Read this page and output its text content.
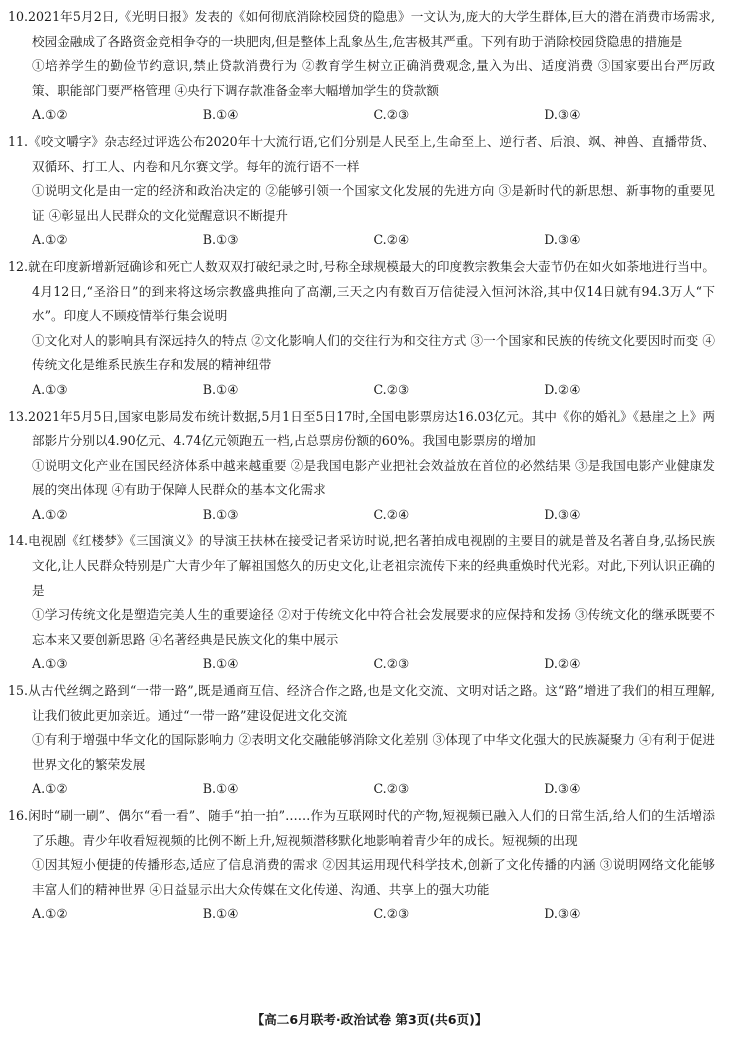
10.2021年5月2日,《光明日报》发表的《如何彻底消除校园贷的隐患》一文认为,庞大的大学生群体,巨大的潜在消费市场需求,校园金融成了各路资金竞相争夺的一块肥肉,但是整体上乱象丛生,危害极其严重。下列有助于消除校园贷隐患的措施是
①培养学生的勤俭节约意识,禁止贷款消费行为 ②教育学生树立正确消费观念,量入为出、适度消费 ③国家要出台严厉政策、职能部门要严格管理 ④央行下调存款准备金率大幅增加学生的贷款额
A.①②	B.①④	C.②③	D.③④
11.《咬文嚼字》杂志经过评选公布2020年十大流行语,它们分别是人民至上,生命至上、逆行者、后浪、飒、神兽、直播带货、双循环、打工人、内卷和凡尔赛文学。每年的流行语不一样
①说明文化是由一定的经济和政治决定的 ②能够引领一个国家文化发展的先进方向 ③是新时代的新思想、新事物的重要见证 ④彰显出人民群众的文化觉醒意识不断提升
A.①②	B.①③	C.②④	D.③④
12.就在印度新增新冠确诊和死亡人数双双打破纪录之时,号称全球规模最大的印度教宗教集会大壶节仍在如火如荼地进行当中。4月12日,“圣浴日”的到来将这场宗教盛典推向了高潮,三天之内有数百万信徒浸入恒河沐浴,其中仅14日就有94.3万人“下水”。印度人不顾疫情举行集会说明
①文化对人的影响具有深远持久的特点 ②文化影响人们的交往行为和交往方式 ③一个国家和民族的传统文化要因时而变 ④传统文化是维系民族生存和发展的精神纽带
A.①③	B.①④	C.②③	D.②④
13.2021年5月5日,国家电影局发布统计数据,5月1日至5日17时,全国电影票房达16.03亿元。其中《你的婚礼》《悬崖之上》两部影片分别以4.90亿元、4.74亿元领跑五一档,占总票房份额的60%。我国电影票房的增加
①说明文化产业在国民经济体系中越来越重要 ②是我国电影产业把社会效益放在首位的必然结果 ③是我国电影产业健康发展的突出体现 ④有助于保障人民群众的基本文化需求
A.①②	B.①③	C.②④	D.③④
14.电视剧《红楼梦》《三国演义》的导演王扶林在接受记者采访时说,把名著拍成电视剧的主要目的就是普及名著自身,弘扬民族文化,让人民群众特别是广大青少年了解祖国悠久的历史文化,让老祖宗流传下来的经典重焕时代光彩。对此,下列认识正确的是
①学习传统文化是塑造完美人生的重要途径 ②对于传统文化中符合社会发展要求的应保持和发扬 ③传统文化的继承既要不忘本来又要创新思路 ④名著经典是民族文化的集中展示
A.①③	B.①④	C.②③	D.②④
15.从古代丝绸之路到“一带一路”,既是通商互信、经济合作之路,也是文化交流、文明对话之路。这“路”增进了我们的相互理解,让我们彼此更加亲近。通过“一带一路”建设促进文化交流
①有利于增强中华文化的国际影响力 ②表明文化交融能够消除文化差别 ③体现了中华文化强大的民族凝聚力 ④有利于促进世界文化的繁荣发展
A.①②	B.①④	C.②③	D.③④
16.闲时“刷一刷”、偶尔“看一看”、随手“拍一拍”……作为互联网时代的产物,短视频已融入人们的日常生活,给人们的生活增添了乐趣。青少年收看短视频的比例不断上升,短视频潜移默化地影响着青少年的成长。短视频的出现
①因其短小便捷的传播形态,适应了信息消费的需求 ②因其运用现代科学技术,创新了文化传播的内涵 ③说明网络文化能够丰富人们的精神世界 ④日益显示出大众传媒在文化传递、沟通、共享上的强大功能
A.①②	B.①④	C.②③	D.③④
【高二6月联考·政治试卷 第3页(共6页)】
